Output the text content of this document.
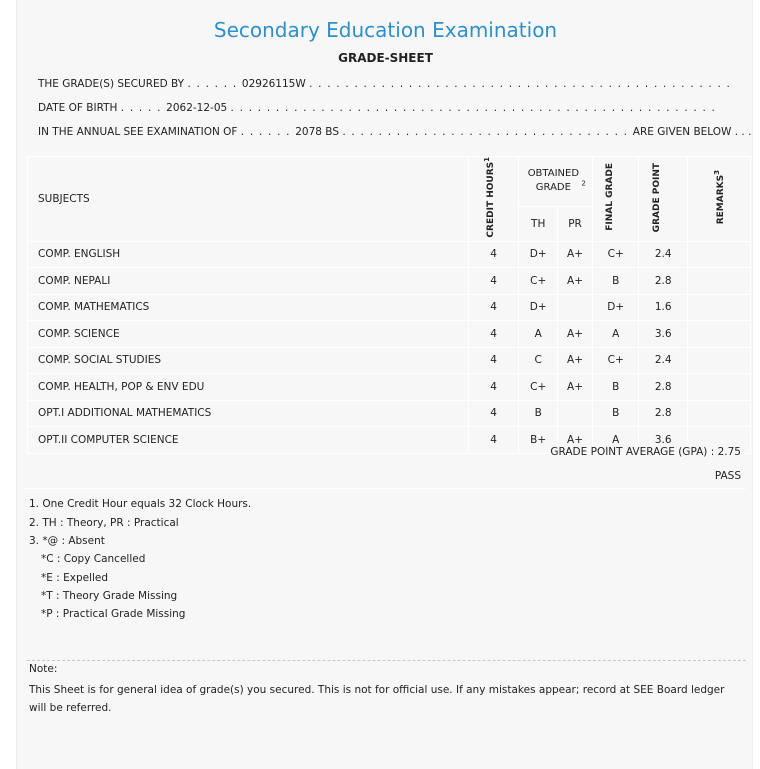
Secondary Education Examination
GRADE-SHEET
THE GRADE(S) SECURED BY . . . . . . 02926115W . . . . . . . . . . . . . . . . . . . . . . . . . . . . . . . . . . . . . . . . . . . . . . .
DATE OF BIRTH . . . . . 2062-12-05 . . . . . . . . . . . . . . . . . . . . . . . . . . . . . . . . . . . . . . . . . . . . . . . . . . . . . .
IN THE ANNUAL SEE EXAMINATION OF . . . . . . 2078 BS . . . . . . . . . . . . . . . . . . . . . . . . . . . . . . . . ARE GIVEN BELOW . . .
SUBJECTS	CREDIT HOURS$^1$	OBTAINED GRADE $^2$		FINAL GRADE	GRADE POINT	REMARKS$^3$
		TH	PR			
COMP. ENGLISH	4	D+	A+	C+	2.4	
COMP. NEPALI	4	C+	A+	B	2.8	
COMP. MATHEMATICS	4	D+		D+	1.6	
COMP. SCIENCE	4	A	A+	A	3.6	
COMP. SOCIAL STUDIES	4	C	A+	C+	2.4	
COMP. HEALTH, POP & ENV EDU	4	C+	A+	B	2.8	
OPT.I ADDITIONAL MATHEMATICS	4	B		B	2.8	
OPT.II COMPUTER SCIENCE	4	B+	A+	A	3.6	
GRADE POINT AVERAGE (GPA) : 2.75
PASS
1. One Credit Hour equals 32 Clock Hours.
2. TH : Theory, PR : Practical
3. *@ : Absent
*C : Copy Cancelled
*E : Expelled
*T : Theory Grade Missing
*P : Practical Grade Missing
Note:
This Sheet is for general idea of grade(s) you secured. This is not for official use. If any mistakes appear; record at SEE Board ledger will be referred.
